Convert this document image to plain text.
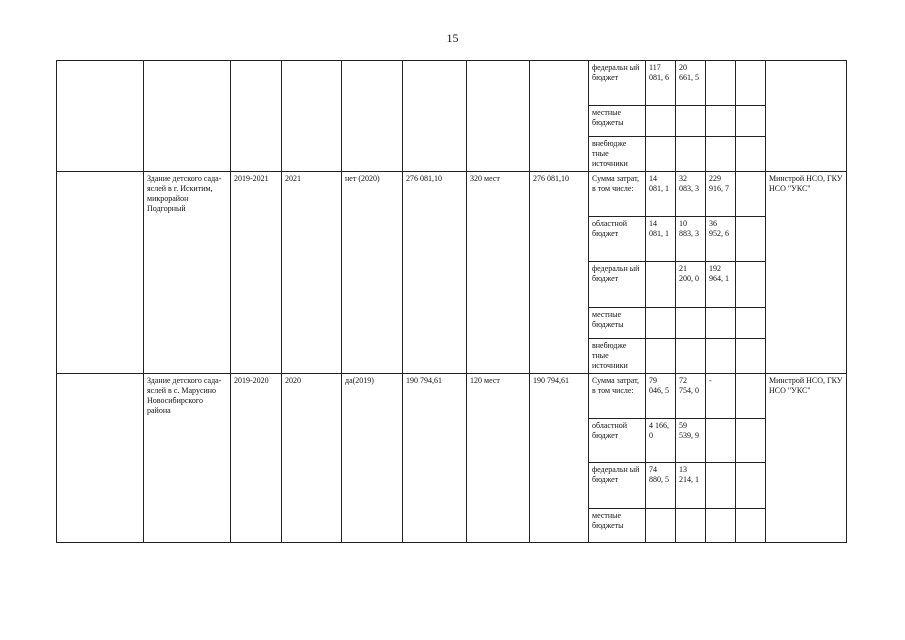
15
								федеральн ый бюджет	117 081, 6	20 661, 5			
								местные бюджеты					
								внебюдже тные источники					
	Здание детского сада-яслей в г. Искитим, микрорайон Подгорный	2019-2021	2021	нет (2020)	276 081,10	320 мест	276 081,10	Сумма затрат, в том числе:	14 081, 1	32 083, 3	229 916, 7		Минстрой НСО, ГКУ НСО "УКС"
								областной бюджет	14 081, 1	10 883, 3	36 952, 6		
								федеральн ый бюджет		21 200, 0	192 964, 1		
								местные бюджеты					
								внебюдже тные источники					
	Здание детского сада-яслей в с. Марусино Новосибирского района	2019-2020	2020	да(2019)	190 794,61	120 мест	190 794,61	Сумма затрат, в том числе:	79 046, 5	72 754, 0	-		Минстрой НСО, ГКУ НСО "УКС"
								областной бюджет	4 166, 0	59 539, 9			
								федеральн ый бюджет	74 880, 5	13 214, 1			
								местные бюджеты					
